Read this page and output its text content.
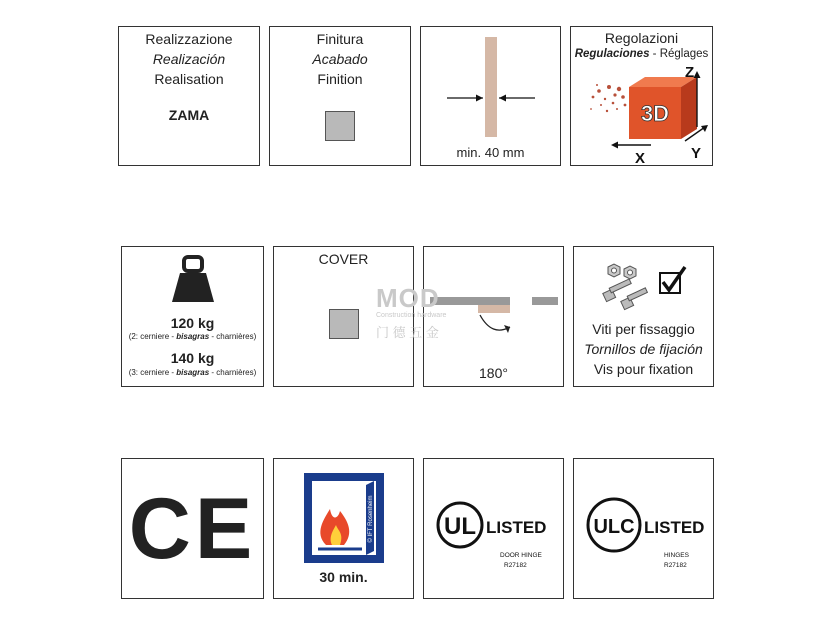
Realizzazione
Realización
Realisation
ZAMA
Finitura
Acabado
Finition
min. 40 mm
Regolazioni
Regulaciones - Réglages
3D
Z
X	Y
120 kg
(2: cerniere - bisagras - charnières)
140 kg
(3: cerniere - bisagras - charnières)
COVER
180°
Viti per fissaggio
Tornillos de fijación
Vis pour fixation
MOD
Construction hardware
门 德 五 金
CE	© IFT Rosenheim
30 min.
UL LISTED
DOOR HINGE
R27182
ULC LISTED
HINGES
R27182
